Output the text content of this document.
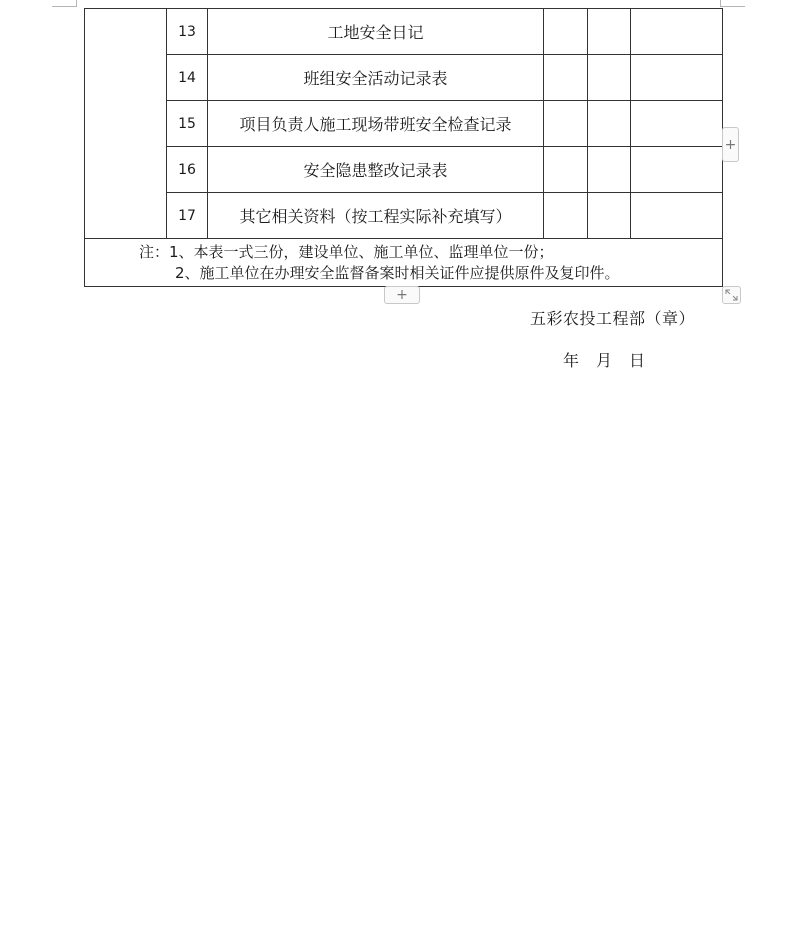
	13	工地安全日记			
	14	班组安全活动记录表			
	15	项目负责人施工现场带班安全检查记录			
	16	安全隐患整改记录表			
	17	其它相关资料（按工程实际补充填写）			

注：1、本表一式三份，建设单位、施工单位、监理单位一份；
2、施工单位在办理安全监督备案时相关证件应提供原件及复印件。					
+
+
五彩农投工程部（章）
年	月	日
